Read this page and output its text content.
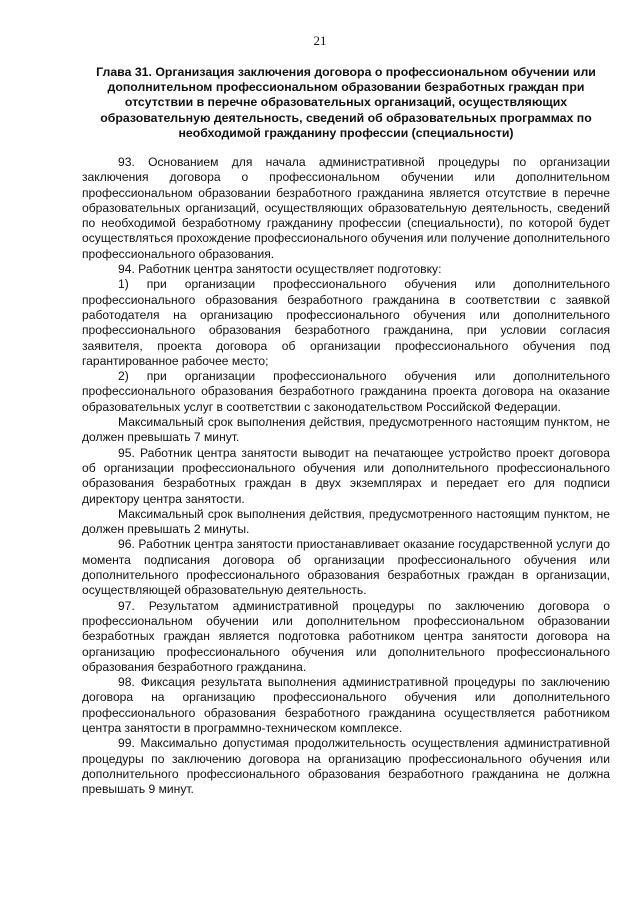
21
Глава 31. Организация заключения договора о профессиональном обучении или дополнительном профессиональном образовании безработных граждан при отсутствии в перечне образовательных организаций, осуществляющих образовательную деятельность, сведений об образовательных программах по необходимой гражданину профессии (специальности)

93. Основанием для начала административной процедуры по организации заключения договора о профессиональном обучении или дополнительном профессиональном образовании безработного гражданина является отсутствие в перечне образовательных организаций, осуществляющих образовательную деятельность, сведений по необходимой безработному гражданину профессии (специальности), по которой будет осуществляться прохождение профессионального обучения или получение дополнительного профессионального образования.

94. Работник центра занятости осуществляет подготовку:

1) при организации профессионального обучения или дополнительного профессионального образования безработного гражданина в соответствии с заявкой работодателя на организацию профессионального обучения или дополнительного профессионального образования безработного гражданина, при условии согласия заявителя, проекта договора об организации профессионального обучения под гарантированное рабочее место;

2) при организации профессионального обучения или дополнительного профессионального образования безработного гражданина проекта договора на оказание образовательных услуг в соответствии с законодательством Российской Федерации.

Максимальный срок выполнения действия, предусмотренного настоящим пунктом, не должен превышать 7 минут.

95. Работник центра занятости выводит на печатающее устройство проект договора об организации профессионального обучения или дополнительного профессионального образования безработных граждан в двух экземплярах и передает его для подписи директору центра занятости.

Максимальный срок выполнения действия, предусмотренного настоящим пунктом, не должен превышать 2 минуты.

96. Работник центра занятости приостанавливает оказание государственной услуги до момента подписания договора об организации профессионального обучения или дополнительного профессионального образования безработных граждан в организации, осуществляющей образовательную деятельность.

97. Результатом административной процедуры по заключению договора о профессиональном обучении или дополнительном профессиональном образовании безработных граждан является подготовка работником центра занятости договора на организацию профессионального обучения или дополнительного профессионального образования безработного гражданина.

98. Фиксация результата выполнения административной процедуры по заключению договора на организацию профессионального обучения или дополнительного профессионального образования безработного гражданина осуществляется работником центра занятости в программно-техническом комплексе.

99. Максимально допустимая продолжительность осуществления административной процедуры по заключению договора на организацию профессионального обучения или дополнительного профессионального образования безработного гражданина не должна превышать 9 минут.
